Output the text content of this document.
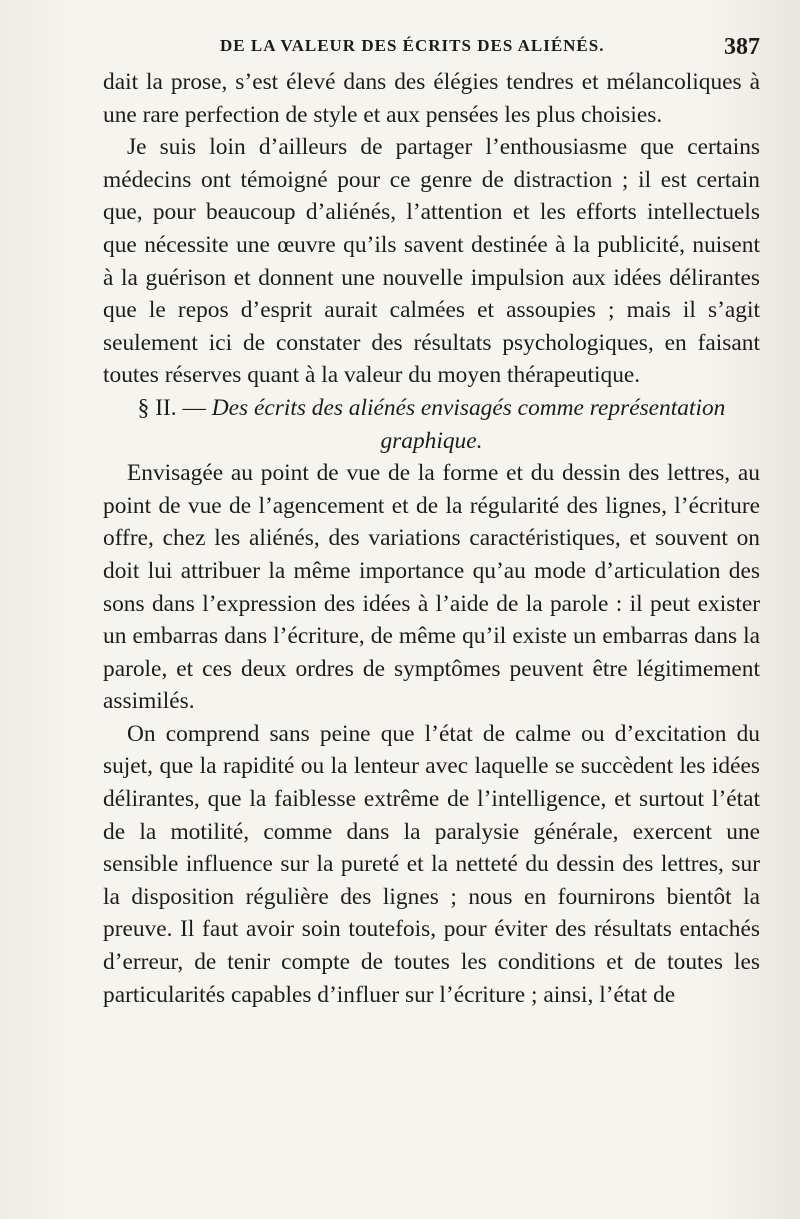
DE LA VALEUR DES ÉCRITS DES ALIÉNÉS.	387

dait la prose, s’est élevé dans des élégies tendres et mélancoliques à une rare perfection de style et aux pensées les plus choisies.

Je suis loin d’ailleurs de partager l’enthousiasme que certains médecins ont témoigné pour ce genre de distraction ; il est certain que, pour beaucoup d’aliénés, l’attention et les efforts intellectuels que nécessite une œuvre qu’ils savent destinée à la publicité, nuisent à la guérison et donnent une nouvelle impulsion aux idées délirantes que le repos d’esprit aurait calmées et assoupies ; mais il s’agit seulement ici de constater des résultats psychologiques, en faisant toutes réserves quant à la valeur du moyen thérapeutique.

§ II. — Des écrits des aliénés envisagés comme représentation graphique.

Envisagée au point de vue de la forme et du dessin des lettres, au point de vue de l’agencement et de la régularité des lignes, l’écriture offre, chez les aliénés, des variations caractéristiques, et souvent on doit lui attribuer la même importance qu’au mode d’articulation des sons dans l’expression des idées à l’aide de la parole : il peut exister un embarras dans l’écriture, de même qu’il existe un embarras dans la parole, et ces deux ordres de symptômes peuvent être légitimement assimilés.

On comprend sans peine que l’état de calme ou d’excitation du sujet, que la rapidité ou la lenteur avec laquelle se succèdent les idées délirantes, que la faiblesse extrême de l’intelligence, et surtout l’état de la motilité, comme dans la paralysie générale, exercent une sensible influence sur la pureté et la netteté du dessin des lettres, sur la disposition régulière des lignes ; nous en fournirons bientôt la preuve. Il faut avoir soin toutefois, pour éviter des résultats entachés d’erreur, de tenir compte de toutes les conditions et de toutes les particularités capables d’influer sur l’écriture ; ainsi, l’état de
